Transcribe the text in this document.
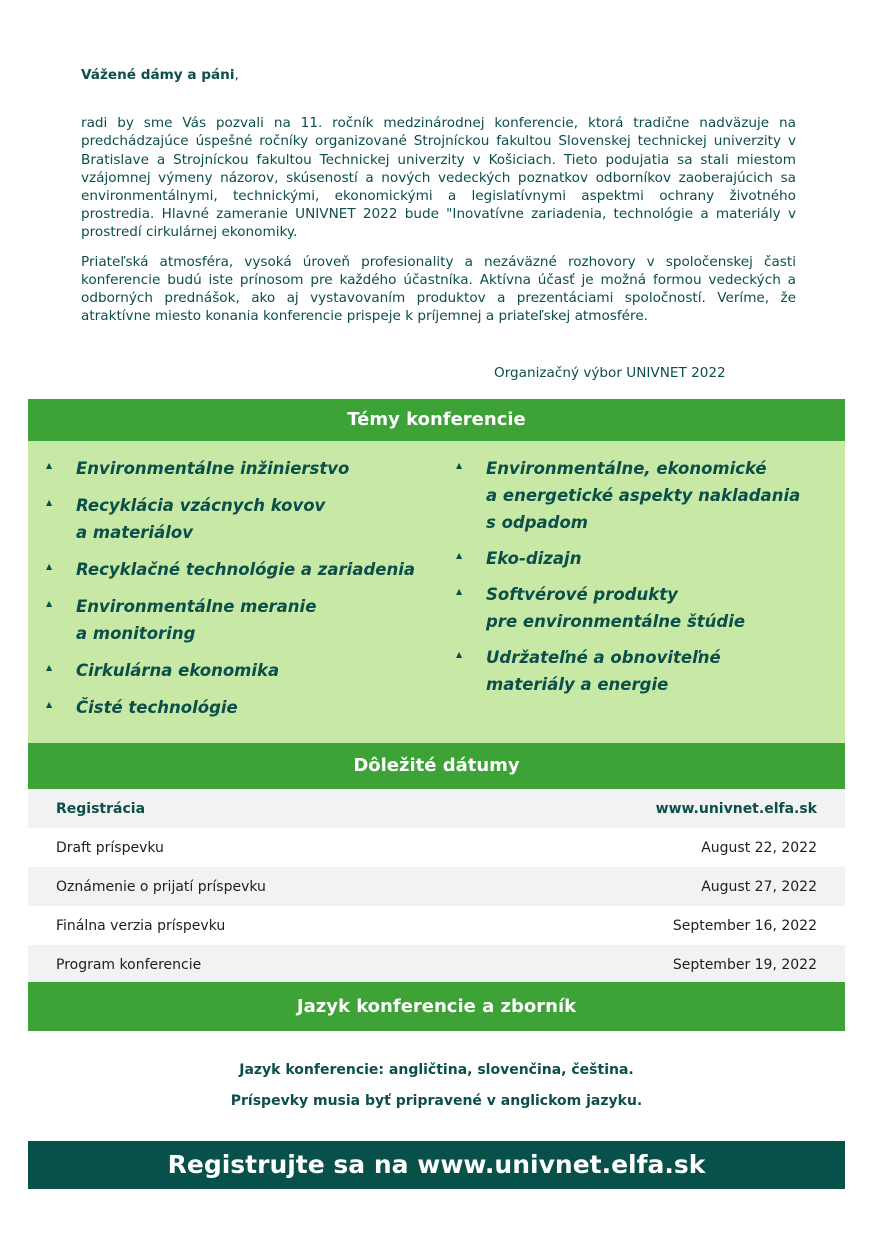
Vážené dámy a páni,

radi by sme Vás pozvali na 11. ročník medzinárodnej konferencie, ktorá tradične nadväzuje na predchádzajúce úspešné ročníky organizované Strojníckou fakultou Slovenskej technickej univerzity v Bratislave a Strojníckou fakultou Technickej univerzity v Košiciach. Tieto podujatia sa stali miestom vzájomnej výmeny názorov, skúseností a nových vedeckých poznatkov odborníkov zaoberajúcich sa environmentálnymi, technickými, ekonomickými a legislatívnymi aspektmi ochrany životného prostredia. Hlavné zameranie UNIVNET 2022 bude "Inovatívne zariadenia, technológie a materiály v prostredí cirkulárnej ekonomiky.

Priateľská atmosféra, vysoká úroveň profesionality a nezáväzné rozhovory v spoločenskej časti konferencie budú iste prínosom pre každého účastníka. Aktívna účasť je možná formou vedeckých a odborných prednášok, ako aj vystavovaním produktov a prezentáciami spoločností. Veríme, že atraktívne miesto konania konferencie prispeje k príjemnej a priateľskej atmosfére.

Organizačný výbor UNIVNET 2022
Témy konferencie
▲ Environmentálne inžinierstvo
▲ Recyklácia vzácnych kovov
a materiálov
▲ Recyklačné technológie a zariadenia
▲ Environmentálne meranie
a monitoring
▲ Cirkulárna ekonomika
▲ Čisté technológie
▲ Environmentálne, ekonomické
a energetické aspekty nakladania
s odpadom
▲ Eko-dizajn
▲ Softvérové produkty
pre environmentálne štúdie
▲ Udržateľné a obnoviteľné
materiály a energie
Dôležité dátumy
Registrácia	www.univnet.elfa.sk
Draft príspevku	August 22, 2022
Oznámenie o prijatí príspevku	August 27, 2022
Finálna verzia príspevku	September 16, 2022
Program konferencie	September 19, 2022
Jazyk konferencie a zborník
Jazyk konferencie: angličtina, slovenčina, čeština.
Príspevky musia byť pripravené v anglickom jazyku.
Registrujte sa na www.univnet.elfa.sk
